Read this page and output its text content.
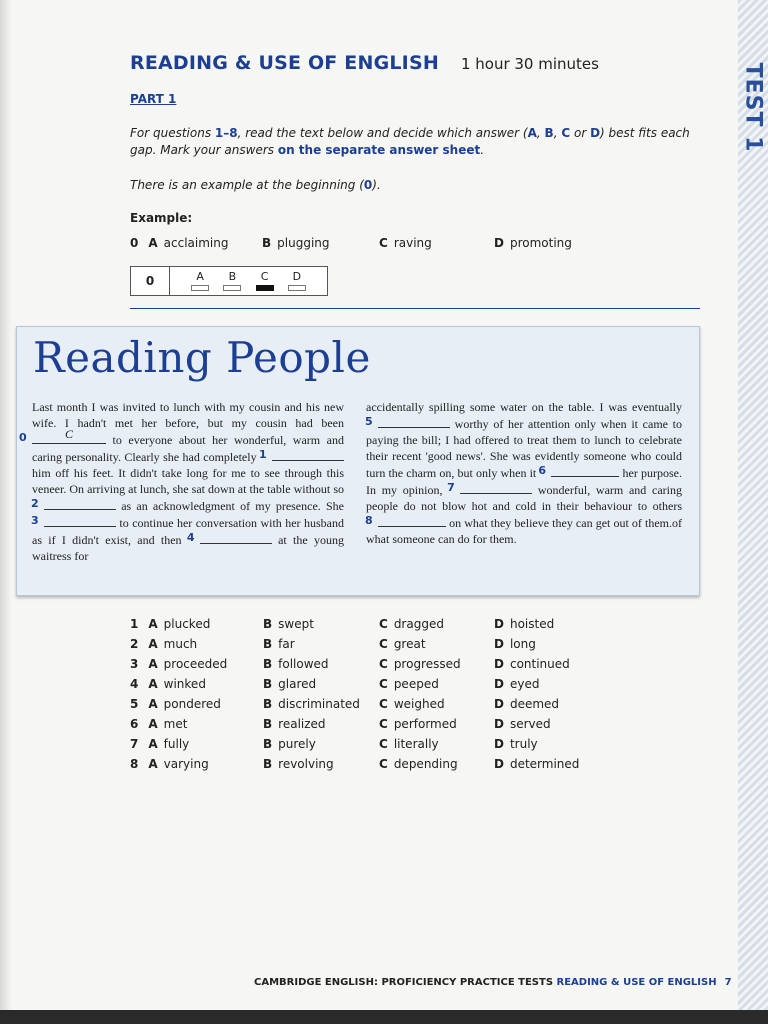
TEST 1
READING & USE OF ENGLISH 1 hour 30 minutes
PART 1
For questions 1–8, read the text below and decide which answer (A, B, C or D) best fits each gap. Mark your answers on the separate answer sheet.
There is an example at the beginning (0).
Example:
0 A acclaiming	B plugging	C raving	D promoting
0	A B C D
Reading People
Last month I was invited to lunch with my cousin and his new wife. I hadn't met her before, but my cousin had been
0	C	to everyone about her wonderful, warm and caring personality. Clearly she had completely 1
him off his feet. It didn't take long for me to see through this veneer. On arriving at lunch, she sat down at the table without so
2	as an acknowledgment of my presence. She
3	to continue her conversation with her husband as if I didn't exist, and then 4	at the young waitress for
accidentally spilling some water on the table. I was eventually
5	worthy of her attention only when it came to paying the bill; I had offered to treat them to lunch to celebrate their recent 'good news'. She was evidently someone who could turn the charm on, but only when it 6	her purpose. In my opinion, 7	wonderful, warm and caring people do not blow hot and cold in their behaviour to others
8	on what they believe they can get out of them.of what someone can do for them.
1 A plucked	B swept	C dragged	D hoisted
2 A much	B far	C great	D long
3 A proceeded	B followed	C progressed	D continued
4 A winked	B glared	C peeped	D eyed
5 A pondered	B discriminated C weighed	D deemed
6 A met	B realized	C performed	D served
7 A fully	B purely	C literally	D truly
8 A varying	B revolving	C depending	D determined
CAMBRIDGE ENGLISH: PROFICIENCY PRACTICE TESTS READING & USE OF ENGLISH 7
